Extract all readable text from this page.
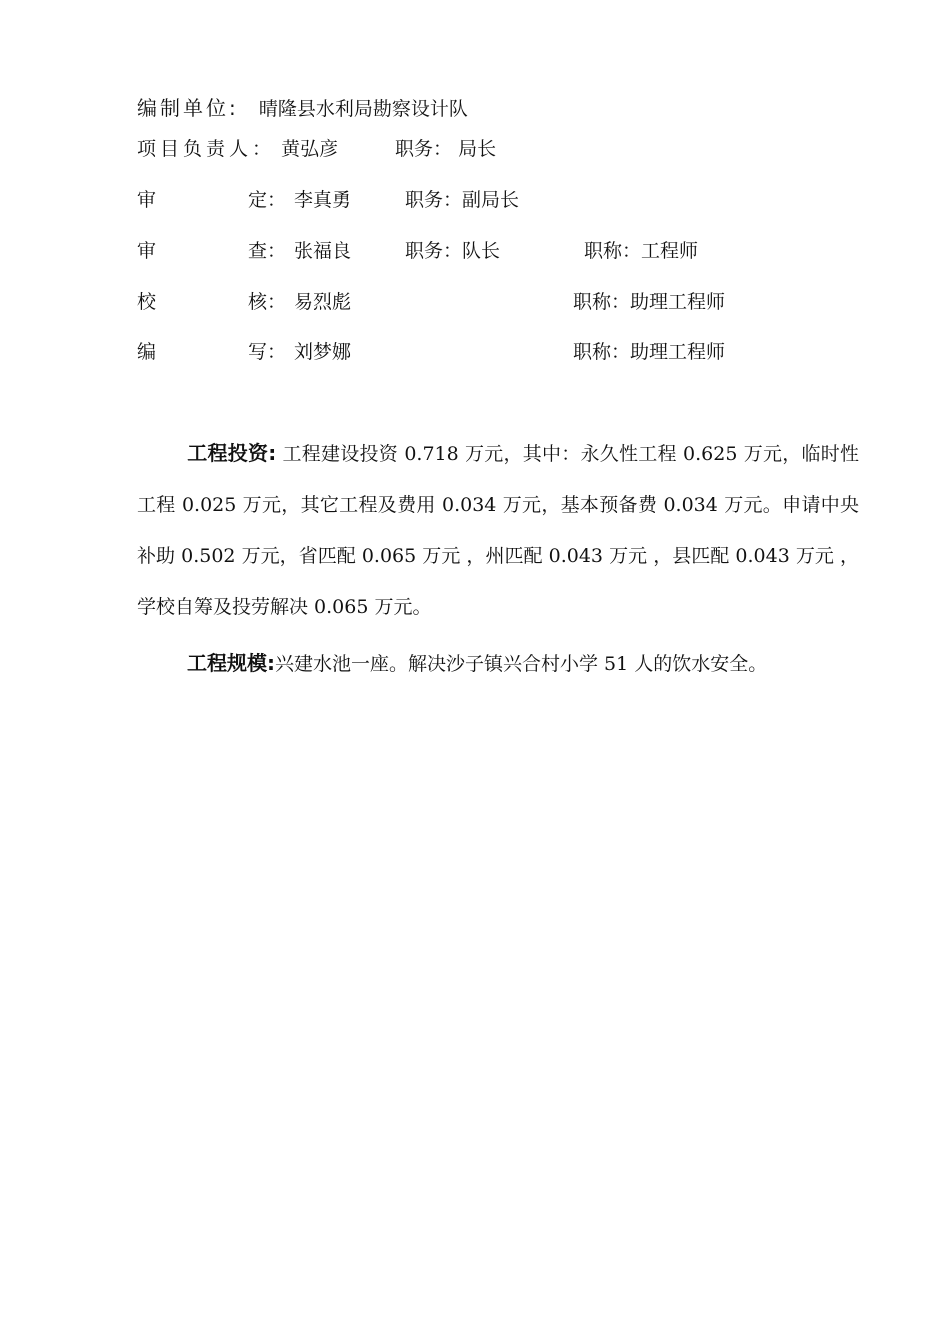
编制单位: 晴隆县水利局勘察设计队
项目负责人： 黄弘彦	职务： 局长
审	定： 李真勇	职务：副局长
审	查： 张福良	职务：队长	职称：工程师
校	核： 易烈彪	职称：助理工程师
编	写： 刘梦娜	职称：助理工程师
工程投资: 工程建设投资 0.718 万元，其中：永久性工程 0.625 万元，临时性工程 0.025 万元，其它工程及费用 0.034 万元，基本预备费 0.034 万元。申请中央补助 0.502 万元，省匹配 0.065 万元 ，州匹配 0.043 万元 ，县匹配 0.043 万元 ，学校自筹及投劳解决 0.065 万元。
工程规模:兴建水池一座。解决沙子镇兴合村小学 51 人的饮水安全。
